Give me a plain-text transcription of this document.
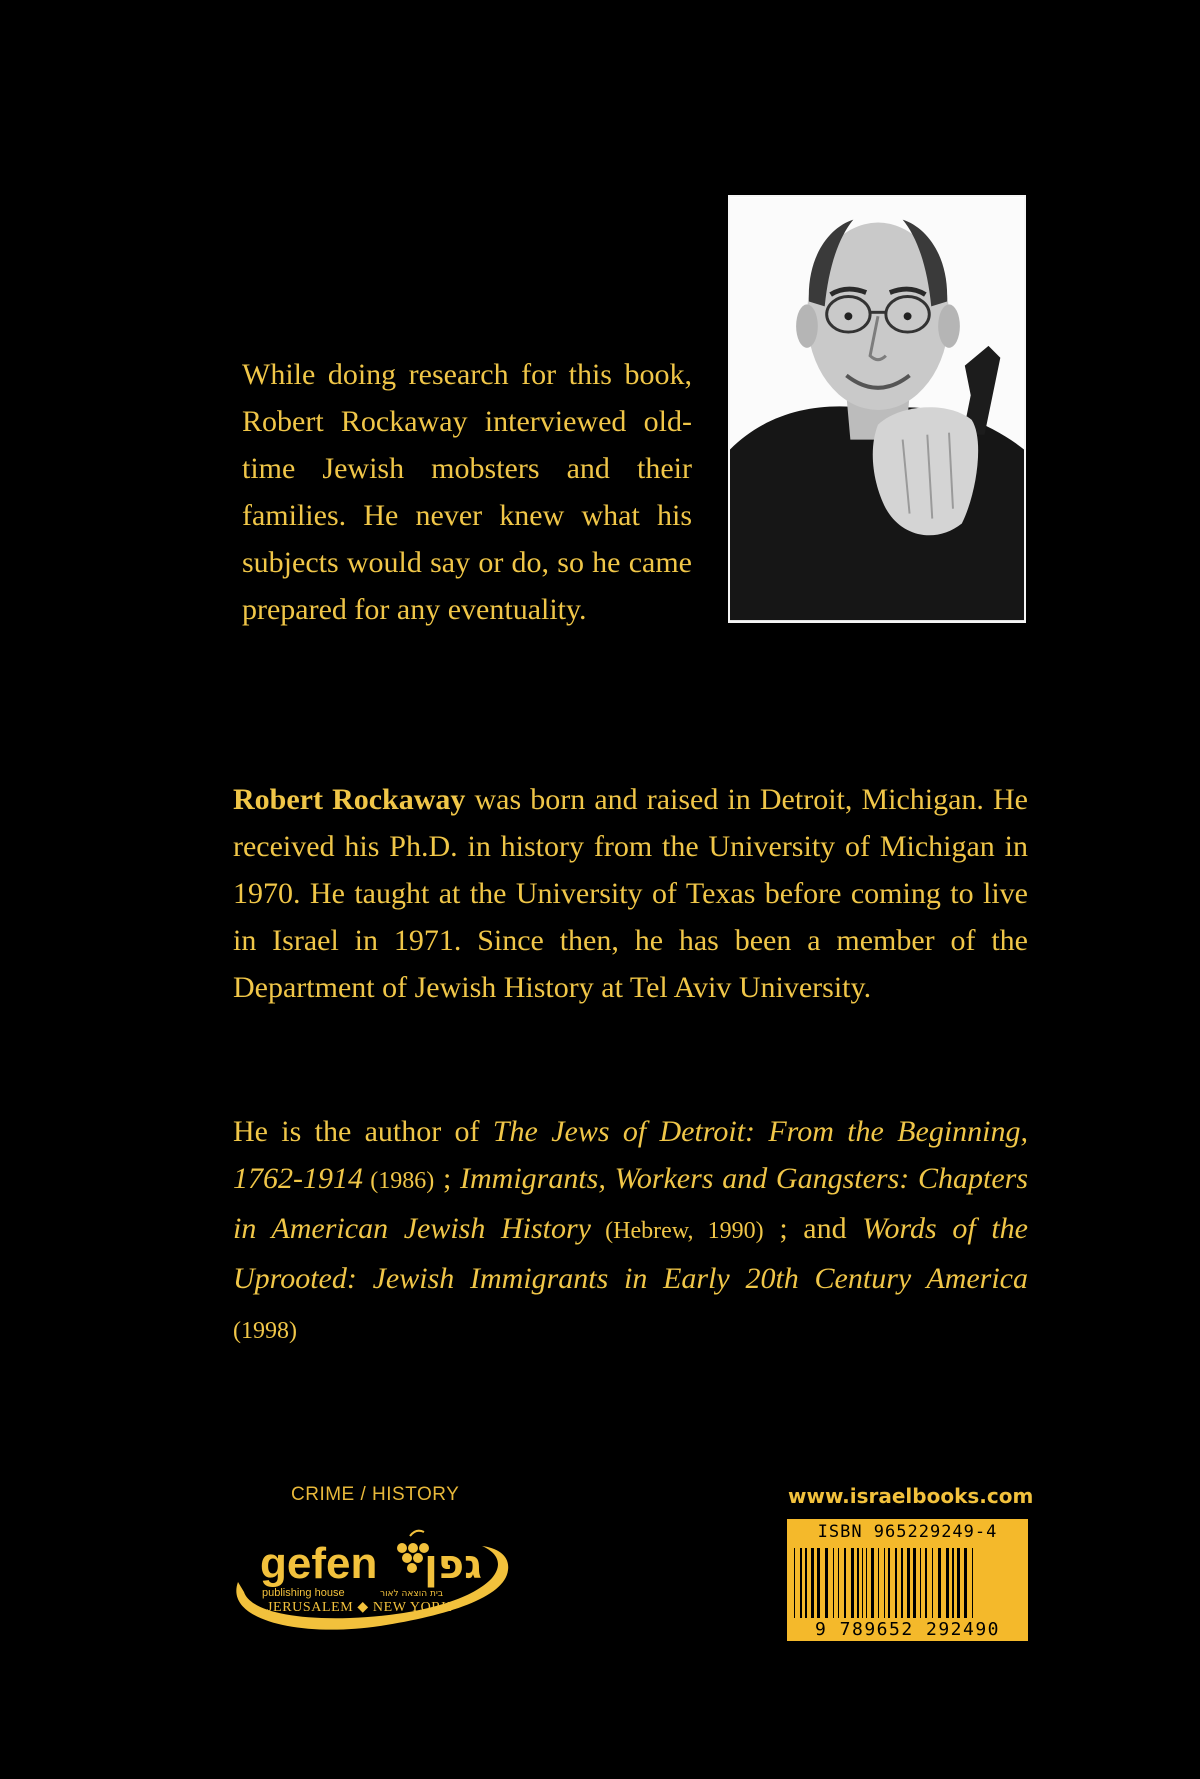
While doing research for this book, Robert Rockaway interviewed old-time Jewish mobsters and their families. He never knew what his subjects would say or do, so he came prepared for any eventuality.

Robert Rockaway was born and raised in Detroit, Michigan. He received his Ph.D. in history from the University of Michigan in 1970. He taught at the University of Texas before coming to live in Israel in 1971. Since then, he has been a member of the Department of Jewish History at Tel Aviv University.

He is the author of The Jews of Detroit: From the Beginning, 1762-1914 (1986) ; Immigrants, Workers and Gangsters: Chapters in American Jewish History (Hebrew, 1990) ; and Words of the Uprooted: Jewish Immigrants in Early 20th Century America (1998)
CRIME / HISTORY
gefen גפן
publishing house	בית הוצאה לאור
JERUSALEM ◆ NEW YORK
www.israelbooks.com
ISBN 965229249-4
9 789652 292490
